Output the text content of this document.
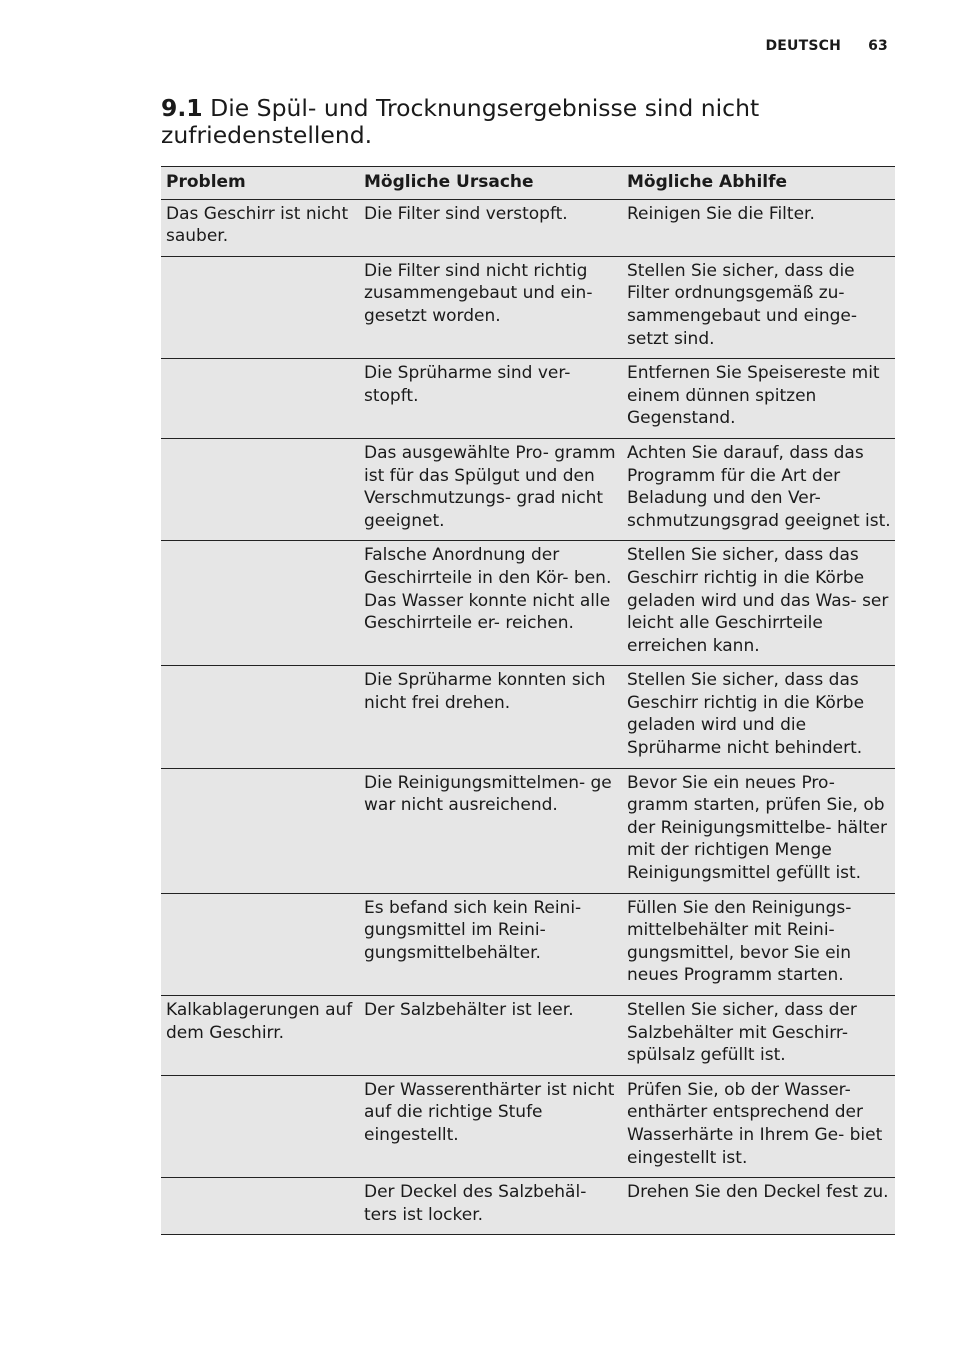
DEUTSCH 63
9.1 Die Spül- und Trocknungsergebnisse sind nicht zufriedenstellend.
Problem	Mögliche Ursache	Mögliche Abhilfe
Das Geschirr ist nicht sauber.	Die Filter sind verstopft.	Reinigen Sie die Filter.
	Die Filter sind nicht richtig zusammengebaut und ein- gesetzt worden.	Stellen Sie sicher, dass die Filter ordnungsgemäß zu- sammengebaut und einge- setzt sind.
	Die Sprüharme sind ver- stopft.	Entfernen Sie Speisereste mit einem dünnen spitzen Gegenstand.
	Das ausgewählte Pro- gramm ist für das Spülgut und den Verschmutzungs- grad nicht geeignet.	Achten Sie darauf, dass das Programm für die Art der Beladung und den Ver- schmutzungsgrad geeignet ist.
	Falsche Anordnung der Geschirrteile in den Kör- ben. Das Wasser konnte nicht alle Geschirrteile er- reichen.	Stellen Sie sicher, dass das Geschirr richtig in die Körbe geladen wird und das Was- ser leicht alle Geschirrteile erreichen kann.
	Die Sprüharme konnten sich nicht frei drehen.	Stellen Sie sicher, dass das Geschirr richtig in die Körbe geladen wird und die Sprüharme nicht behindert.
	Die Reinigungsmittelmen- ge war nicht ausreichend.	Bevor Sie ein neues Pro- gramm starten, prüfen Sie, ob der Reinigungsmittelbe- hälter mit der richtigen Menge Reinigungsmittel gefüllt ist.
	Es befand sich kein Reini- gungsmittel im Reini- gungsmittelbehälter.	Füllen Sie den Reinigungs- mittelbehälter mit Reini- gungsmittel, bevor Sie ein neues Programm starten.
Kalkablagerungen auf dem Geschirr.	Der Salzbehälter ist leer.	Stellen Sie sicher, dass der Salzbehälter mit Geschirr- spülsalz gefüllt ist.
	Der Wasserenthärter ist nicht auf die richtige Stufe eingestellt.	Prüfen Sie, ob der Wasser- enthärter entsprechend der Wasserhärte in Ihrem Ge- biet eingestellt ist.
	Der Deckel des Salzbehäl- ters ist locker.	Drehen Sie den Deckel fest zu.
